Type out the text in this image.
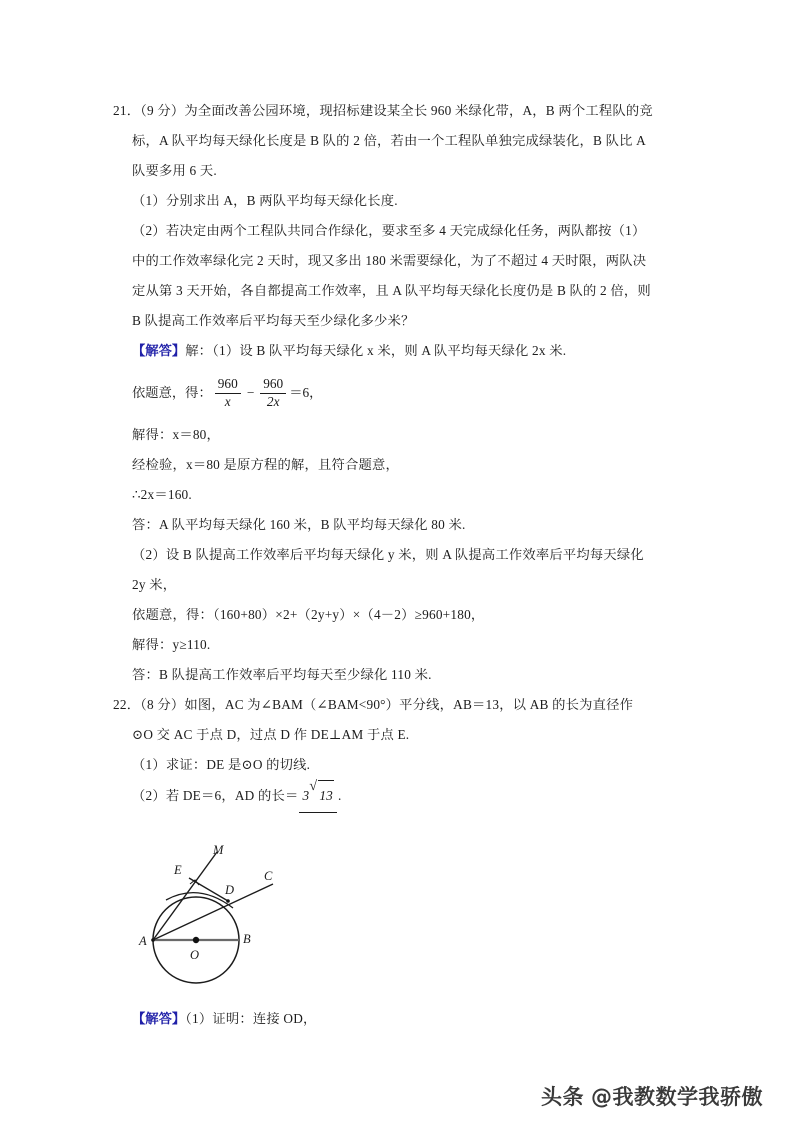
21．（9 分）为全面改善公园环境，现招标建设某全长 960 米绿化带，A，B 两个工程队的竞
标，A 队平均每天绿化长度是 B 队的 2 倍，若由一个工程队单独完成绿装化，B 队比 A
队要多用 6 天.
（1）分别求出 A，B 两队平均每天绿化长度.
（2）若决定由两个工程队共同合作绿化，要求至多 4 天完成绿化任务，两队都按（1）
中的工作效率绿化完 2 天时，现又多出 180 米需要绿化，为了不超过 4 天时限，两队决
定从第 3 天开始，各自都提高工作效率，且 A 队平均每天绿化长度仍是 B 队的 2 倍，则
B 队提高工作效率后平均每天至少绿化多少米？
【解答】解：（1）设 B 队平均每天绿化 x 米，则 A 队平均每天绿化 2x 米.
依题意，得： $\frac{960}{x} - \frac{960}{2x} =6$ ，
解得：x＝80，
经检验，x＝80 是原方程的解，且符合题意，
∴2x＝160.
答：A 队平均每天绿化 160 米，B 队平均每天绿化 80 米.
（2）设 B 队提高工作效率后平均每天绿化 y 米，则 A 队提高工作效率后平均每天绿化
2y 米，
依题意，得：（160+80）×2+（2y+y）×（4－2）≥960+180，
解得：y≥110.
答：B 队提高工作效率后平均每天至少绿化 110 米.
22．（8 分）如图，AC 为∠BAM（∠BAM<90°）平分线，AB＝13，以 AB 的长为直径作
⊙O 交 AC 于点 D，过点 D 作 DE⊥AM 于点 E.
（1）求证：DE 是⊙O 的切线.
（2）若 DE＝6，AD 的长＝ 3
√
13 .
M
E
D
C
A	B
O
【解答】（1）证明：连接 OD，
头条 @我教数学我骄傲
